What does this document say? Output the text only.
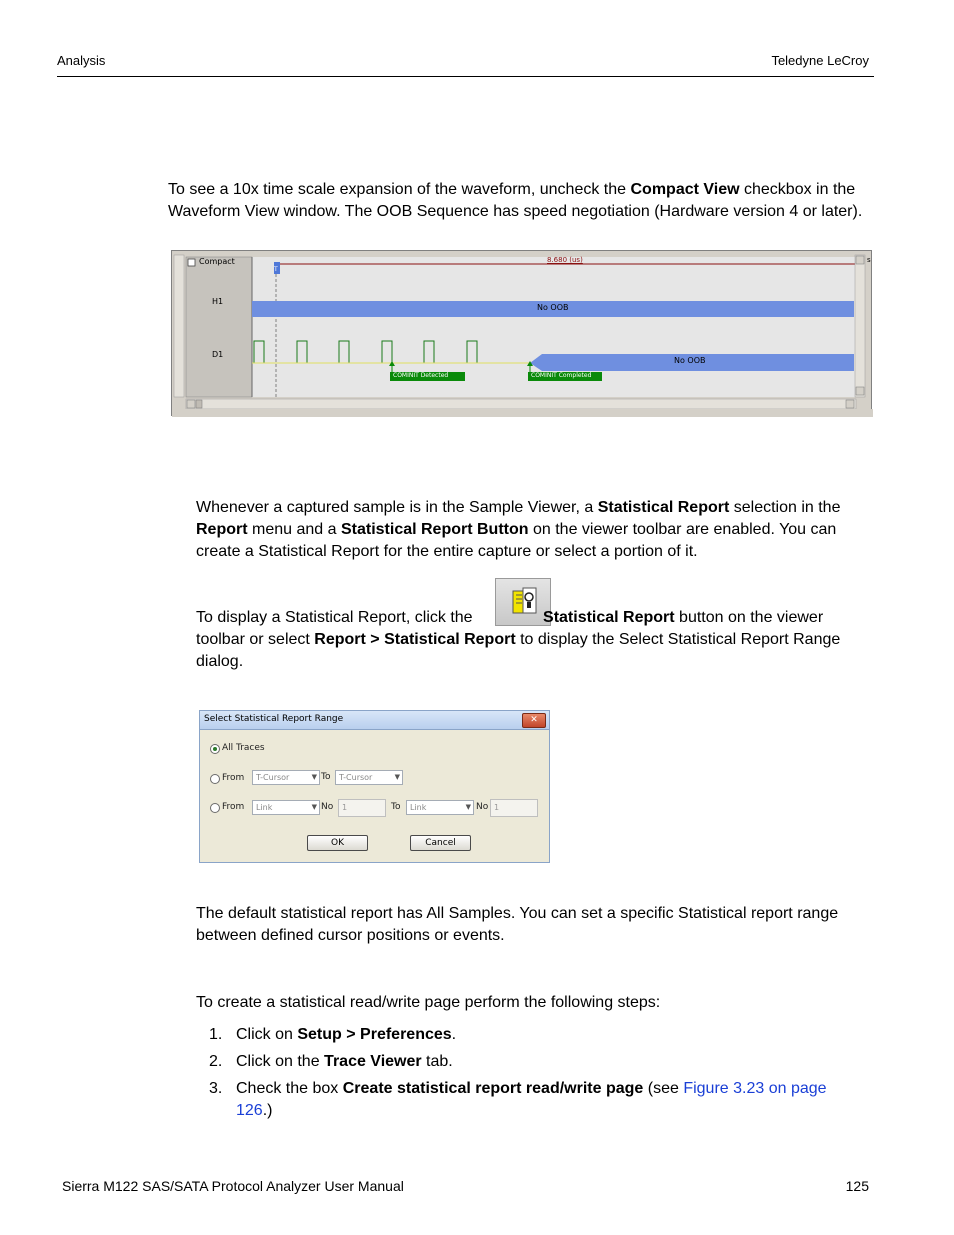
Analysis	Teledyne LeCroy
To see a 10x time scale expansion of the waveform, uncheck the Compact View checkbox in the Waveform View window. The OOB Sequence has speed negotiation (Hardware version 4 or later).
Compact	8.680 (us)
T
H1
D1
No OOB
No OOB
COMINIT Detected	COMINIT Completed
s
Whenever a captured sample is in the Sample Viewer, a Statistical Report selection in the Report menu and a Statistical Report Button on the viewer toolbar are enabled. You can create a Statistical Report for the entire capture or select a portion of it.
To display a Statistical Report, click the	Statistical Report button on the viewer toolbar or select Report > Statistical Report to display the Select Statistical Report Range dialog.
Select Statistical Report Range	✕
All Traces
From	T-Cursor	▼ To	T-Cursor	▼
From	Link	▼ No	1	To	Link	▼ No 1
OK	Cancel
The default statistical report has All Samples. You can set a specific Statistical report range between defined cursor positions or events.
To create a statistical read/write page perform the following steps:
1. Click on Setup > Preferences.
2. Click on the Trace Viewer tab.
3. Check the box Create statistical report read/write page (see Figure 3.23 on page 126.)
Sierra M122 SAS/SATA Protocol Analyzer User Manual	125
